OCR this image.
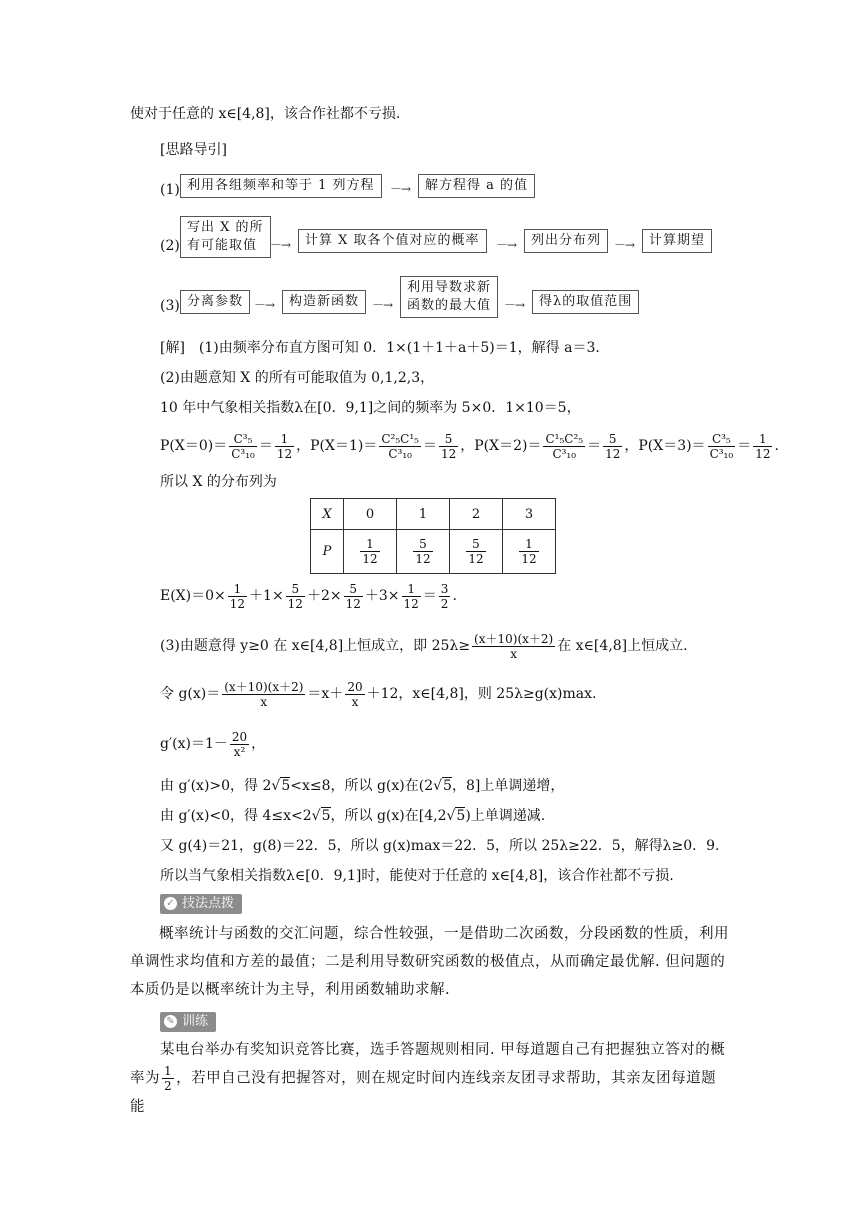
使对于任意的 x∈[4,8]，该合作社都不亏损.
[思路导引]
(1) 利用各组频率和等于 1 列方程	－→	解方程得 a 的值
(2)
写出 X 的所
有可能取值	－→	计算 X 取各个值对应的概率	－→	列出分布列	－→	计算期望
(3) 分离参数 －→	构造新函数	－→
利用导数求新
函数的最大值 －→	得λ的取值范围
[解]　(1)由频率分布直方图可知 0．1×(1＋1＋a＋5)＝1，解得 a＝3.
(2)由题意知 X 的所有可能取值为 0,1,2,3，
10 年中气象相关指数λ在[0．9,1]之间的频率为 5×0．1×10＝5，
$P(X=0)= \frac{\text{C³₅}}{\text{C³₁₀}} = \frac{1}{12}$ ，$P(X=1)= \frac{\text{C²₅C¹₅}}{\text{C³₁₀}} = \frac{5}{12}$ ，$P(X=2)= \frac{\text{C¹₅C²₅}}{\text{C³₁₀}} = \frac{5}{12}$ ，$P(X=3)= \frac{\text{C³₅}}{\text{C³₁₀}} = \frac{1}{12}$ .
所以 X 的分布列为
X	0	1	2	3
P	$\frac{1}{12}$	$\frac{5}{12}$	$\frac{5}{12}$	$\frac{1}{12}$
$E(X)=0\times \frac{1}{12} +1\times \frac{5}{12} +2\times \frac{5}{12} +3\times \frac{1}{12} = \frac{3}{2}$ .
(3)由题意得 y≥0 在 x∈[4,8]上恒成立，即 $25\lambda\ge \frac{(x+10)(x+2)}{x}$ 在 x∈[4,8]上恒成立.
令 $g(x)= \frac{(x+10)(x+2)}{x} =x+ \frac{20}{x} +12$，x∈[4,8]，则 25λ≥g(x)max.
$g'(x)=1- \frac{20}{\text{x²}}$ ，
由 g′(x)>0，得 2 √ 5<x≤8，所以 g(x)在(2 √ 5，8]上单调递增，
由 g′(x)<0，得 4≤x<2 √ 5，所以 g(x)在[4,2 √ 5)上单调递减.
又 g(4)＝21，g(8)＝22．5，所以 g(x)max＝22．5，所以 25λ≥22．5，解得λ≥0．9.
所以当气象相关指数λ∈[0．9,1]时，能使对于任意的 x∈[4,8]，该合作社都不亏损.
✓ 技法点拨
概率统计与函数的交汇问题，综合性较强，一是借助二次函数，分段函数的性质，利用单调性求均值和方差的最值；二是利用导数研究函数的极值点，从而确定最优解. 但问题的本质仍是以概率统计为主导，利用函数辅助求解.
✎ 训练
　　某电台举办有奖知识竞答比赛，选手答题规则相同. 甲每道题自己有把握独立答对的概率为 $\frac{1}{2}$ ，若甲自己没有把握答对，则在规定时间内连线亲友团寻求帮助，其亲友团每道题能
